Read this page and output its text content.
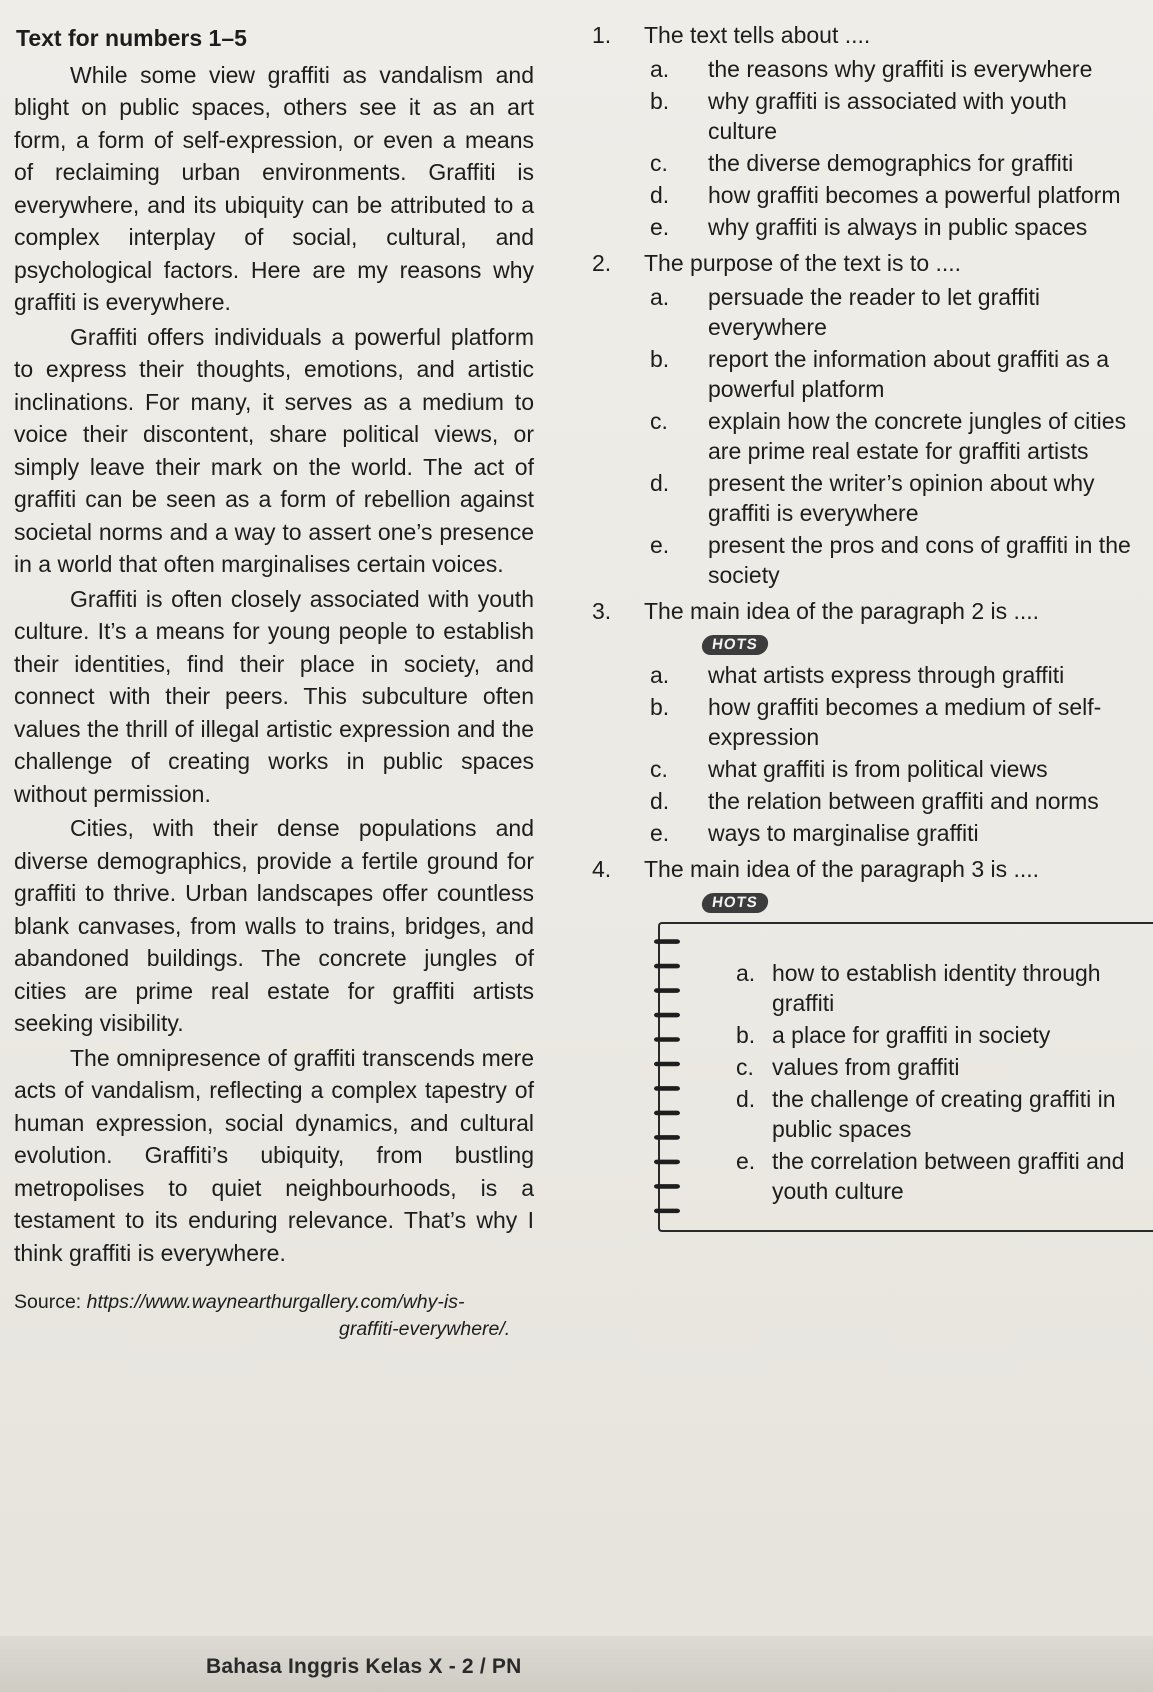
Text for numbers 1–5

While some view graffiti as vandalism and blight on public spaces, others see it as an art form, a form of self-expression, or even a means of reclaiming urban environments. Graffiti is everywhere, and its ubiquity can be attributed to a complex interplay of social, cultural, and psychological factors. Here are my reasons why graffiti is everywhere.

Graffiti offers individuals a powerful platform to express their thoughts, emotions, and artistic inclinations. For many, it serves as a medium to voice their discontent, share political views, or simply leave their mark on the world. The act of graffiti can be seen as a form of rebellion against societal norms and a way to assert one’s presence in a world that often marginalises certain voices.

Graffiti is often closely associated with youth culture. It’s a means for young people to establish their identities, find their place in society, and connect with their peers. This subculture often values the thrill of illegal artistic expression and the challenge of creating works in public spaces without permission.

Cities, with their dense populations and diverse demographics, provide a fertile ground for graffiti to thrive. Urban landscapes offer countless blank canvases, from walls to trains, bridges, and abandoned buildings. The concrete jungles of cities are prime real estate for graffiti artists seeking visibility.

The omnipresence of graffiti transcends mere acts of vandalism, reflecting a complex tapestry of human expression, social dynamics, and cultural evolution. Graffiti’s ubiquity, from bustling metropolises to quiet neighbourhoods, is a testament to its enduring relevance. That’s why I think graffiti is everywhere.

Source: https://www.waynearthurgallery.com/why-is-
graffiti-everywhere/.
1.	The text tells about ....
a. the reasons why graffiti is everywhere
b. why graffiti is associated with youth culture
c. the diverse demographics for graffiti
d. how graffiti becomes a powerful platform
e. why graffiti is always in public spaces
2.	The purpose of the text is to ....
a. persuade the reader to let graffiti everywhere
b. report the information about graffiti as a powerful platform
c. explain how the concrete jungles of cities are prime real estate for graffiti artists
d. present the writer’s opinion about why graffiti is everywhere
e. present the pros and cons of graffiti in the society
3.	The main idea of the paragraph 2 is ....
HOTS
a. what artists express through graffiti
b. how graffiti becomes a medium of self-expression
c. what graffiti is from political views
d. the relation between graffiti and norms
e. ways to marginalise graffiti
4.	The main idea of the paragraph 3 is ....
HOTS
a. how to establish identity through graffiti
b. a place for graffiti in society
c. values from graffiti
d. the challenge of creating graffiti in public spaces
e. the correlation between graffiti and youth culture
Bahasa Inggris Kelas X - 2 / PN
